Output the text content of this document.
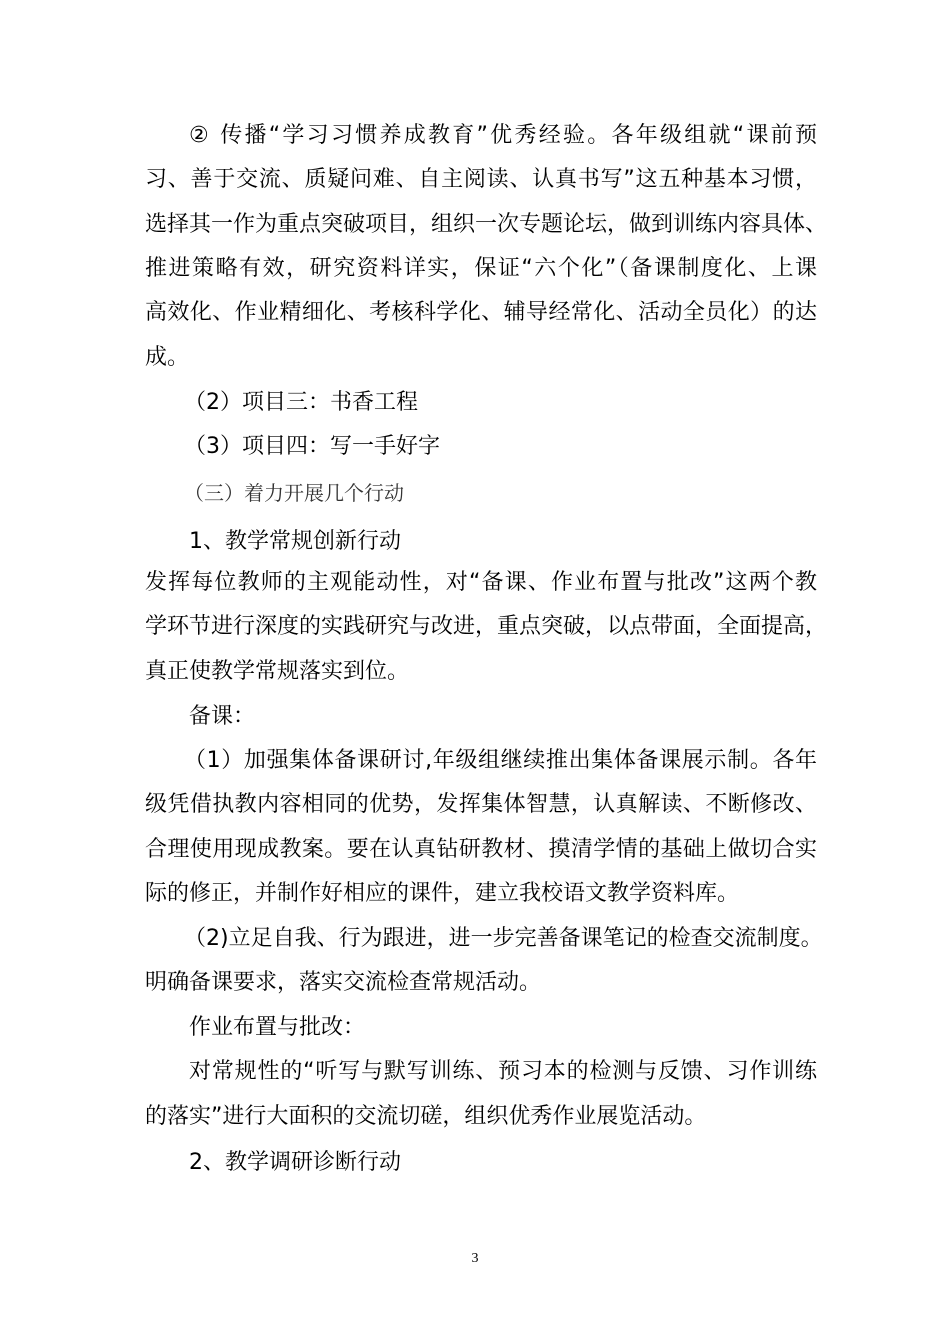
② 传播“学习习惯养成教育”优秀经验。各年级组就“课前预
习、善于交流、质疑问难、自主阅读、认真书写”这五种基本习惯，
选择其一作为重点突破项目，组织一次专题论坛，做到训练内容具体、
推进策略有效，研究资料详实，保证“六个化”（备课制度化、上课
高效化、作业精细化、考核科学化、辅导经常化、活动全员化）的达
成。
（2）项目三：书香工程
（3）项目四：写一手好字
（三）着力开展几个行动
1、教学常规创新行动
发挥每位教师的主观能动性，对“备课、作业布置与批改”这两个教
学环节进行深度的实践研究与改进，重点突破，以点带面，全面提高，
真正使教学常规落实到位。
备课：
（1）加强集体备课研讨,年级组继续推出集体备课展示制。各年
级凭借执教内容相同的优势，发挥集体智慧，认真解读、不断修改、
合理使用现成教案。要在认真钻研教材、摸清学情的基础上做切合实
际的修正，并制作好相应的课件，建立我校语文教学资料库。
（2)立足自我、行为跟进，进一步完善备课笔记的检查交流制度。
明确备课要求，落实交流检查常规活动。
作业布置与批改：
对常规性的“听写与默写训练、预习本的检测与反馈、习作训练
的落实”进行大面积的交流切磋，组织优秀作业展览活动。
2、教学调研诊断行动
3
